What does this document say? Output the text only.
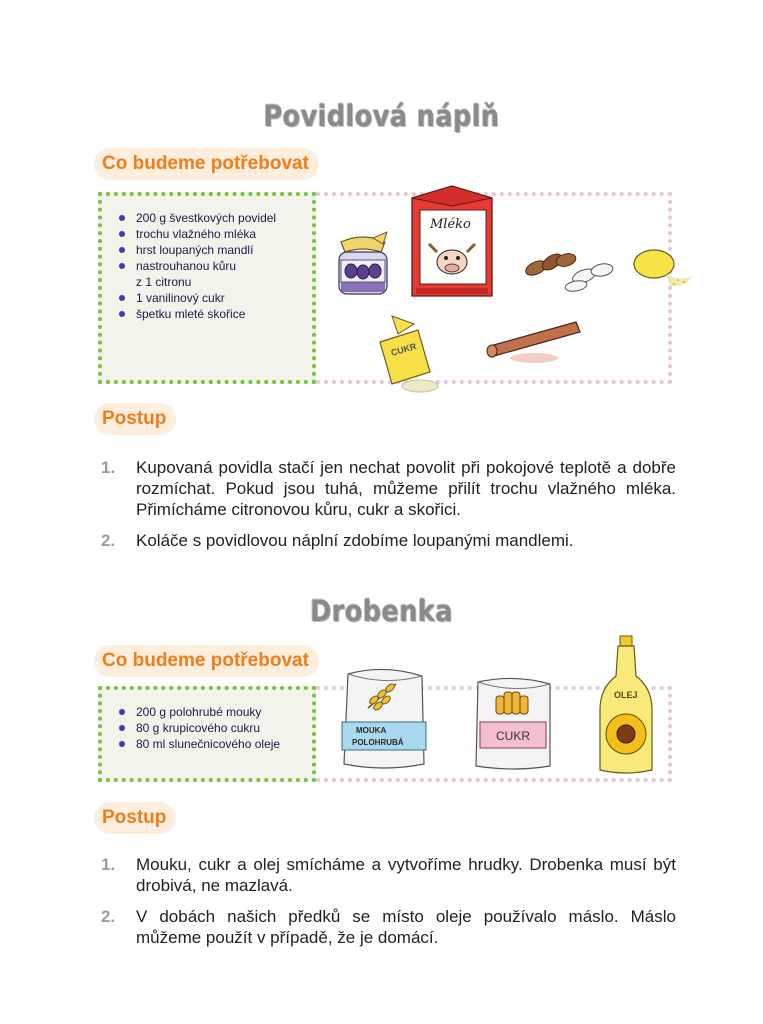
Povidlová náplň
Co budeme potřebovat
200 g švestkových povidel
trochu vlažného mléka
hrst loupaných mandlí
nastrouhanou kůru
z 1 citronu
1 vanilinový cukr
špetku mleté skořice
Mléko
CUKR
Postup
1. Kupovaná povidla stačí jen nechat povolit při pokojové teplotě a dobře rozmíchat. Pokud jsou tuhá, můžeme přilít trochu vlažného mléka. Přimícháme citronovou kůru, cukr a skořici.
2. Koláče s povidlovou náplní zdobíme loupanými mandlemi.
Drobenka
Co budeme potřebovat
200 g polohrubé mouky
80 g krupicového cukru
80 ml slunečnicového oleje
MOUKA
POLOHRUBÁ	CUKR
OLEJ
Postup
1. Mouku, cukr a olej smícháme a vytvoříme hrudky. Drobenka musí být drobivá, ne mazlavá.
2. V dobách našich předků se místo oleje používalo máslo. Máslo můžeme použít v případě, že je domácí.
